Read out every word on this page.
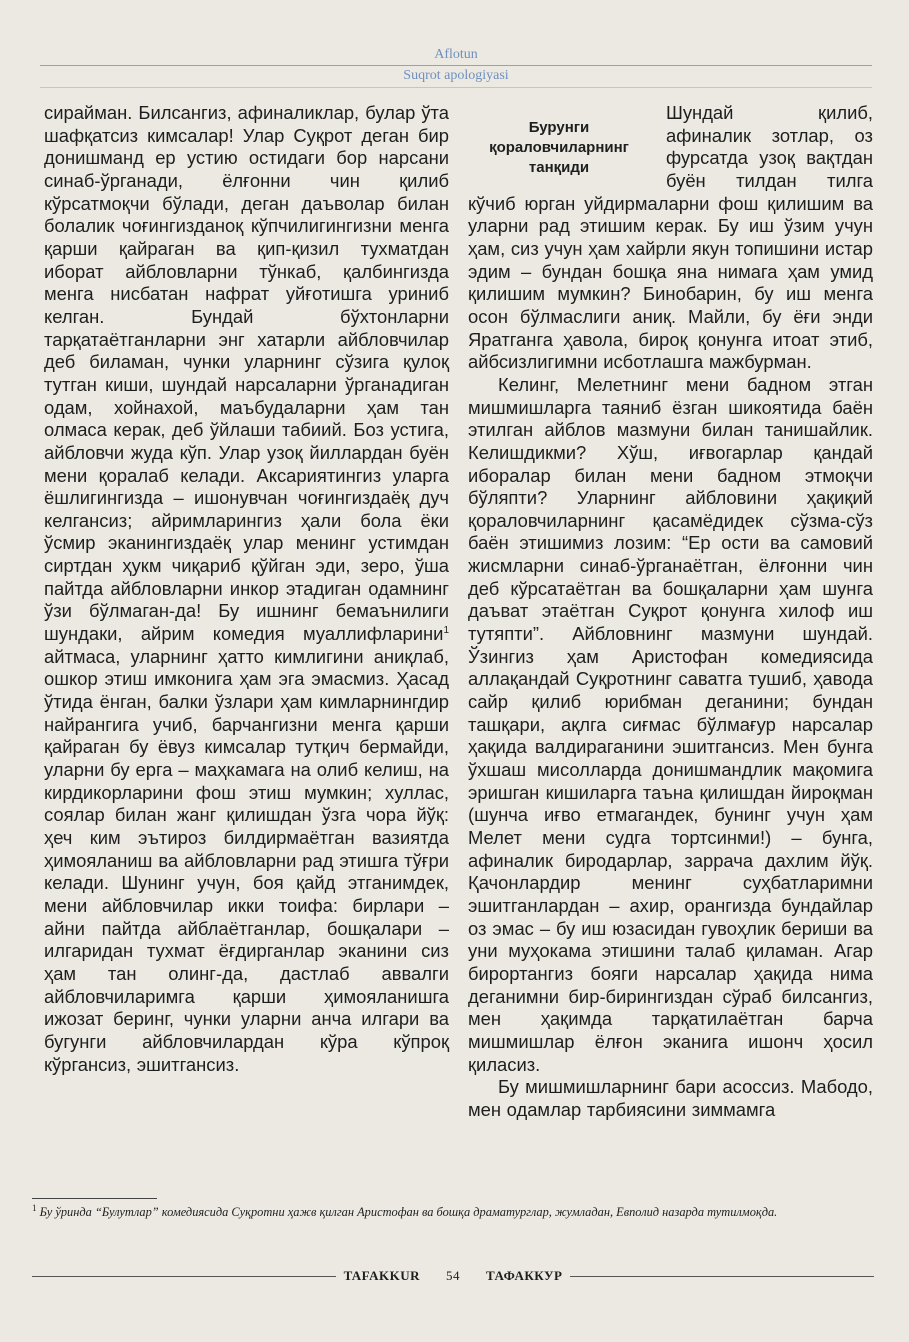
Aflotun
Suqrot apologiyasi

сирайман. Билсангиз, афиналиклар, булар ўта шафқатсиз кимсалар! Улар Суқрот деган бир донишманд ер устию остидаги бор нарсани синаб-ўрганади, ёлғонни чин қилиб кўрсатмоқчи бўлади, деган даъволар билан болалик чоғингизданоқ кўпчилигингизни менга қарши қайраган ва қип-қизил тухматдан иборат айбловларни тўнкаб, қалбингизда менга нисбатан нафрат уйғотишга уриниб келган. Бундай бўхтонларни тарқатаётганларни энг хатарли айбловчилар деб биламан, чунки уларнинг сўзига қулоқ тутган киши, шундай нарсаларни ўрганадиган одам, хойнахой, маъбудаларни ҳам тан олмаса керак, деб ўйлаши табиий. Боз устига, айбловчи жуда кўп. Улар узоқ йиллардан буён мени қоралаб келади. Аксариятингиз уларга ёшлигингизда – ишонувчан чоғингиздаёқ дуч келгансиз; айримларингиз ҳали бола ёки ўсмир эканингиздаёқ улар менинг устимдан сиртдан ҳукм чиқариб қўйган эди, зеро, ўша пайтда айбловларни инкор этадиган одамнинг ўзи бўлмаган-да! Бу ишнинг бемаънилиги шундаки, айрим комедия муаллифларини$^1$ айтмаса, уларнинг ҳатто кимлигини аниқлаб, ошкор этиш имконига ҳам эга эмасмиз. Ҳасад ўтида ёнган, балки ўзлари ҳам кимларнингдир найрангига учиб, барчангизни менга қарши қайраган бу ёвуз кимсалар тутқич бермайди, уларни бу ерга – маҳкамага на олиб келиш, на кирдикорларини фош этиш мумкин; хуллас, соялар билан жанг қилишдан ўзга чора йўқ: ҳеч ким эътироз билдирмаётган вазиятда ҳимояланиш ва айбловларни рад этишга тўғри келади. Шунинг учун, боя қайд этганимдек, мени айбловчилар икки тоифа: бирлари – айни пайтда айблаётганлар, бошқалари – илгаридан тухмат ёғдирганлар эканини сиз ҳам тан олинг-да, дастлаб аввалги айбловчиларимга қарши ҳимояланишга ижозат беринг, чунки уларни анча илгари ва бугунги айбловчилардан кўра кўпроқ кўргансиз, эшитгансиз.

Бурунги қораловчиларнинг танқиди

Шундай қилиб, афиналик зотлар, оз фурсатда узоқ вақтдан буён тилдан тилга кўчиб юрган уйдирмаларни фош қилишим ва уларни рад этишим керак. Бу иш ўзим учун ҳам, сиз учун ҳам хайрли якун топишини истар эдим – бундан бошқа яна нимага ҳам умид қилишим мумкин? Бинобарин, бу иш менга осон бўлмаслиги аниқ. Майли, бу ёғи энди Яратганга ҳавола, бироқ қонунга итоат этиб, айбсизлигимни исботлашга мажбурман.

Келинг, Мелетнинг мени бадном этган мишмишларга таяниб ёзган шикоятида баён этилган айблов мазмуни билан танишайлик. Келишдикми? Хўш, иғвогарлар қандай иборалар билан мени бадном этмоқчи бўляпти? Уларнинг айбловини ҳақиқий қораловчиларнинг қасамёдидек сўзма-сўз баён этишимиз лозим: “Ер ости ва самовий жисмларни синаб-ўрганаётган, ёлғонни чин деб кўрсатаётган ва бошқаларни ҳам шунга даъват этаётган Суқрот қонунга хилоф иш тутяпти”. Айбловнинг мазмуни шундай. Ўзингиз ҳам Аристофан комедиясида аллақандай Суқротнинг саватга тушиб, ҳавода сайр қилиб юрибман деганини; бундан ташқари, ақлга сиғмас бўлмағур нарсалар ҳақида валдираганини эшитгансиз. Мен бунга ўхшаш мисолларда донишмандлик мақомига эришган кишиларга таъна қилишдан йироқман (шунча иғво етмагандек, бунинг учун ҳам Мелет мени судга тортсинми!) – бунга, афиналик биродарлар, заррача дахлим йўқ. Қачонлардир менинг суҳбатларимни эшитганлардан – ахир, орангизда бундайлар оз эмас – бу иш юзасидан гувоҳлик бериши ва уни муҳокама этишини талаб қиламан. Агар бирортангиз бояги нарсалар ҳақида нима деганимни бир-бирингиздан сўраб билсангиз, мен ҳақимда тарқатилаётган барча мишмишлар ёлғон эканига ишонч ҳосил қиласиз.

Бу мишмишларнинг бари асоссиз. Мабодо, мен одамлар тарбиясини зиммамга

$^1$ Бу ўринда “Булутлар” комедиясида Суқротни ҳажв қилган Аристофан ва бошқа драматурглар, жумладан, Евполид назарда тутилмоқда.
TAFAKKUR 54 ТАФАККУР
